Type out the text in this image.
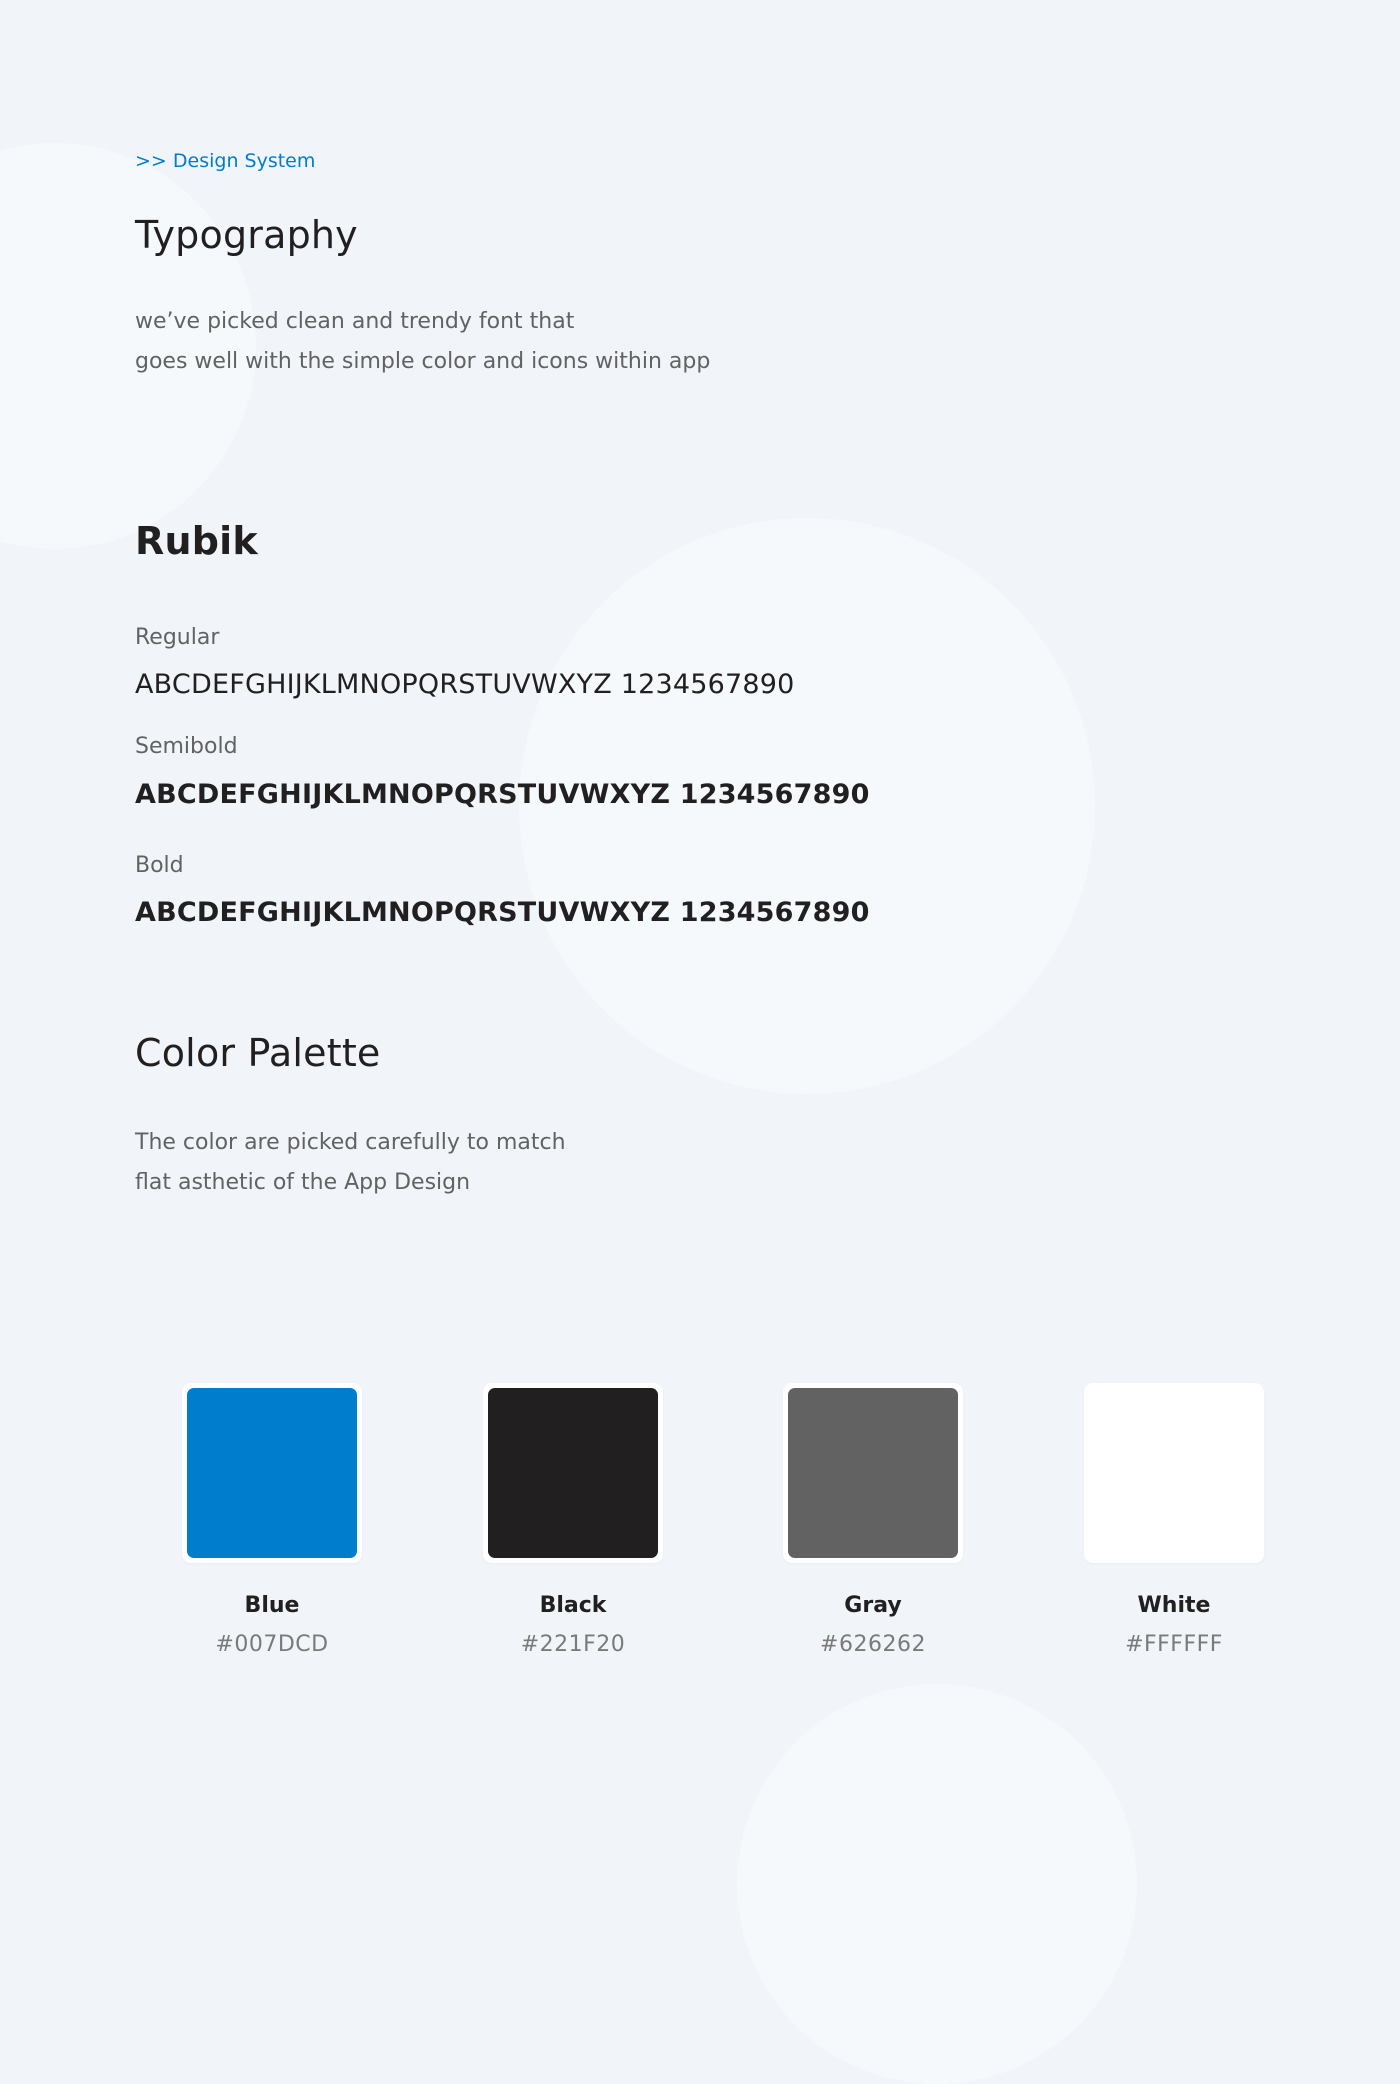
>> Design System
Typography

we’ve picked clean and trendy font that
goes well with the simple color and icons within app

Rubik
Regular
ABCDEFGHIJKLMNOPQRSTUVWXYZ 1234567890
Semibold
ABCDEFGHIJKLMNOPQRSTUVWXYZ 1234567890
Bold
ABCDEFGHIJKLMNOPQRSTUVWXYZ 1234567890
Color Palette

The color are picked carefully to match
flat asthetic of the App Design

Blue
#007DCD
Black
#221F20
Gray
#626262
White
#FFFFFF
